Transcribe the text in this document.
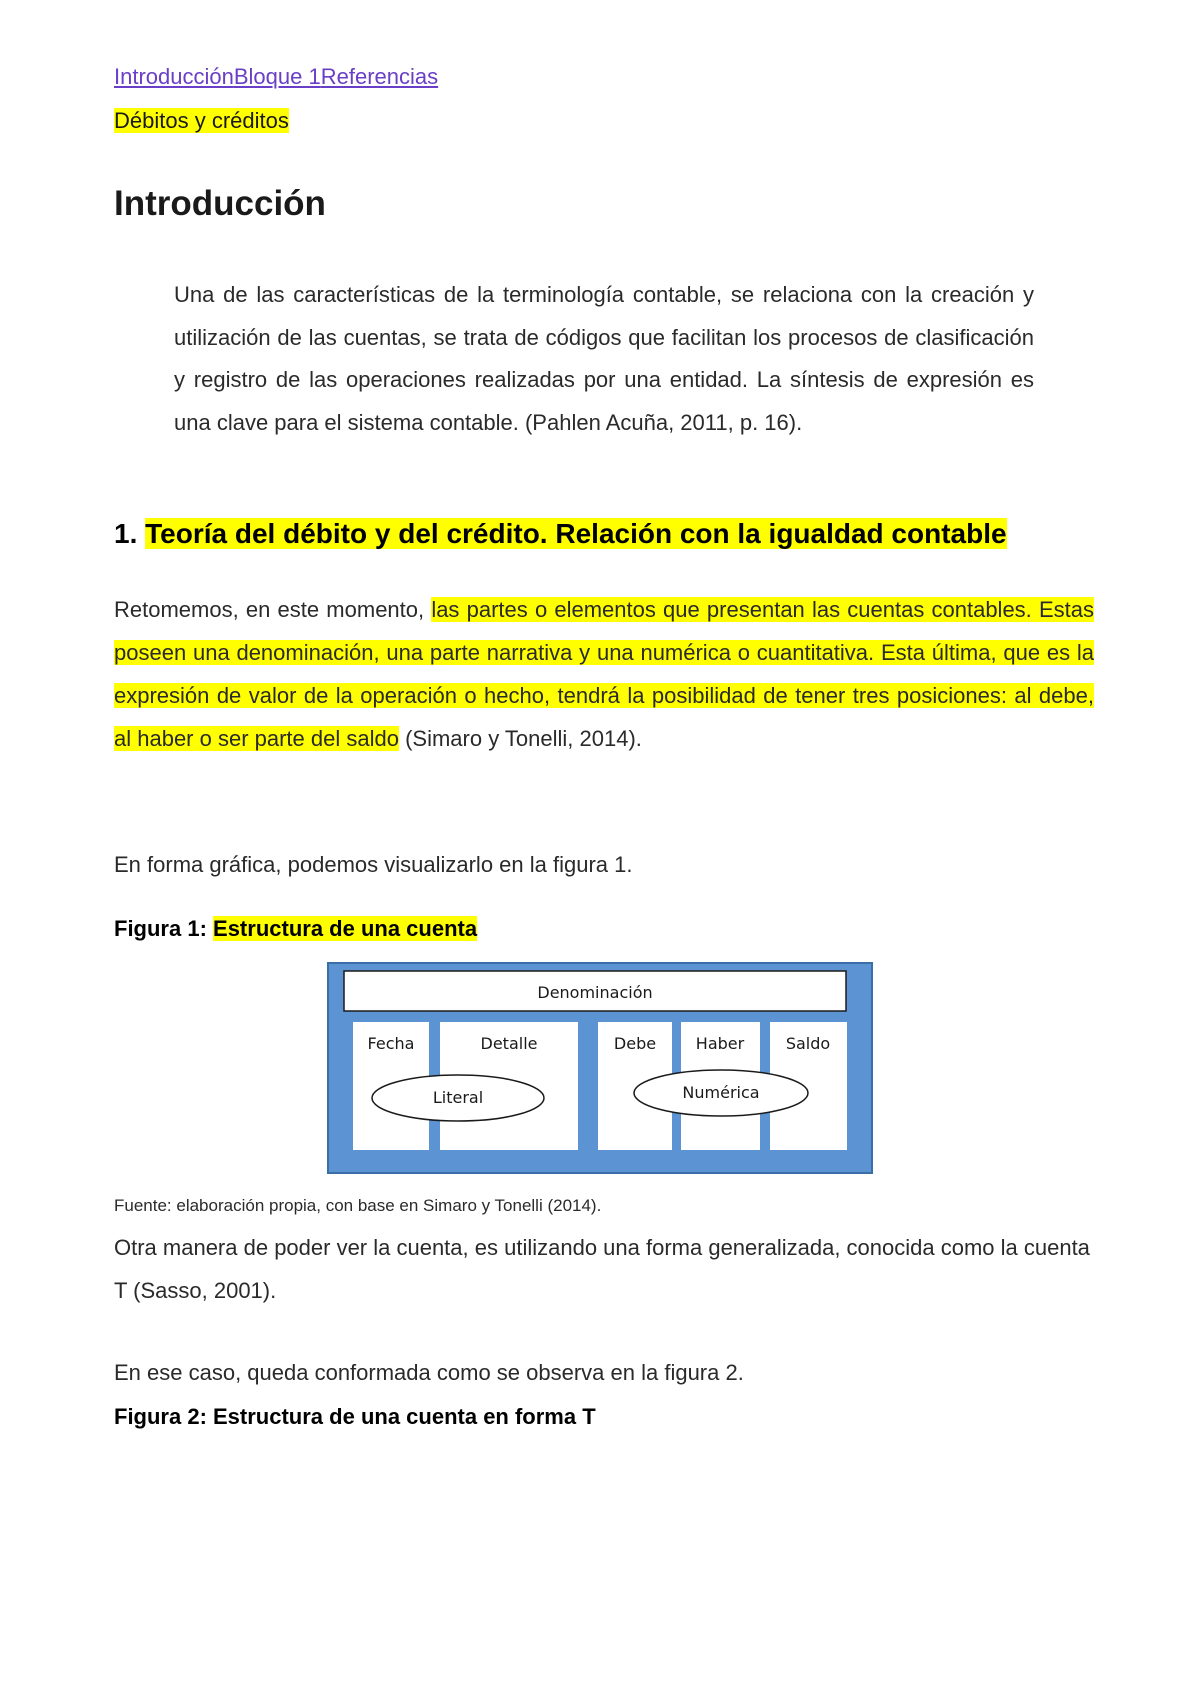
IntroducciónBloque 1Referencias
Débitos y créditos
Introducción
Una de las características de la terminología contable, se relaciona con la creación y utilización de las cuentas, se trata de códigos que facilitan los procesos de clasificación y registro de las operaciones realizadas por una entidad. La síntesis de expresión es una clave para el sistema contable. (Pahlen Acuña, 2011, p. 16).
1. Teoría del débito y del crédito. Relación con la igualdad contable
Retomemos, en este momento, las partes o elementos que presentan las cuentas contables. Estas poseen una denominación, una parte narrativa y una numérica o cuantitativa. Esta última, que es la expresión de valor de la operación o hecho, tendrá la posibilidad de tener tres posiciones: al debe, al haber o ser parte del saldo (Simaro y Tonelli, 2014).
En forma gráfica, podemos visualizarlo en la figura 1.
Figura 1: Estructura de una cuenta
Denominación
Fecha	Detalle	Debe Haber	Saldo
Literal	Numérica
Fuente: elaboración propia, con base en Simaro y Tonelli (2014).
Otra manera de poder ver la cuenta, es utilizando una forma generalizada, conocida como la cuenta T (Sasso, 2001).
En ese caso, queda conformada como se observa en la figura 2.
Figura 2: Estructura de una cuenta en forma T
